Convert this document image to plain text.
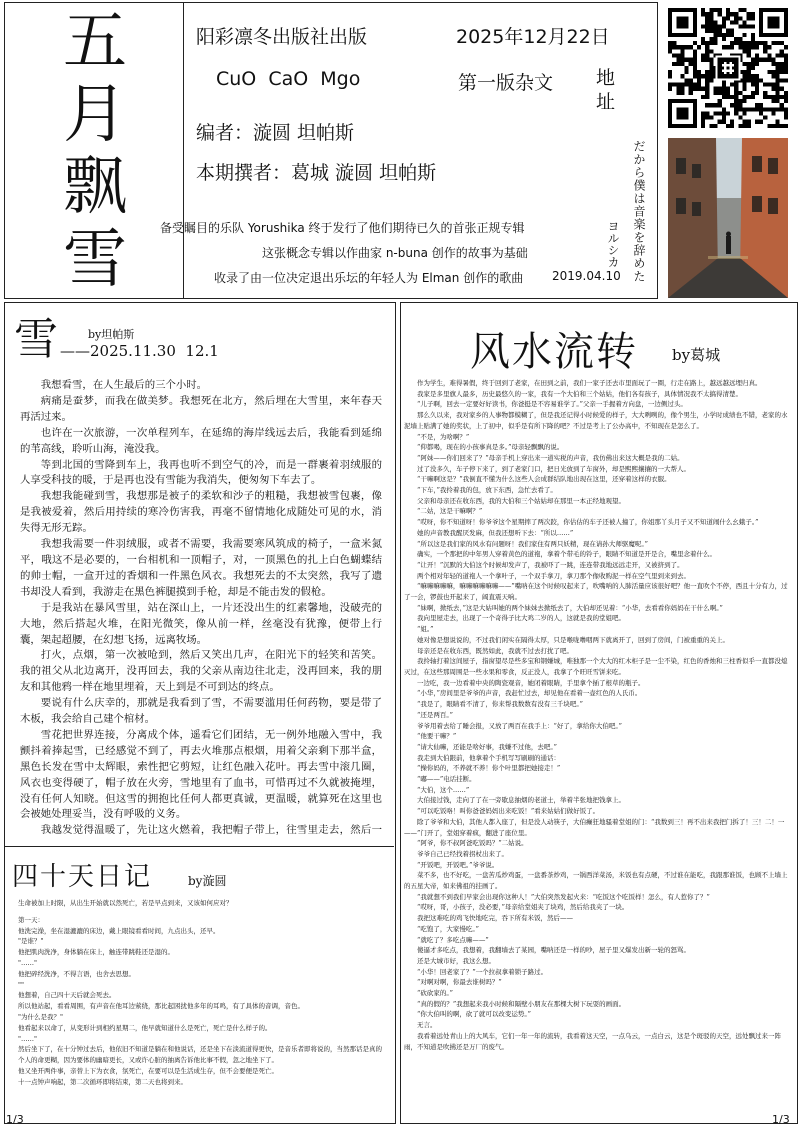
五
月
飘
雪
阳彩凛冬出版社出版	2025年12月22日
CuO  CaO  Mgo	第一版杂文 地址
编者：漩圆 坦帕斯
本期撰者：葛城 漩圆 坦帕斯
备受瞩目的乐队 Yorushika 终于发行了他们期待已久的首张正规专辑
这张概念专辑以作曲家 n-buna 创作的故事为基础
收录了由一位决定退出乐坛的年轻人为 Elman 创作的歌曲 2019.04.10 だから僕は音楽を辞めた
ヨルシカ
雪	by坦帕斯
——2025.11.30  12.1

我想看雪，在人生最后的三个小时。

病痛是蚕梦，而我在做美梦。我想死在北方，然后埋在大雪里，来年春天再活过来。

也许在一次旅游，一次单程列车，在延绵的海岸线远去后，我能看到延绵的苇高线，聆听山海，淹没我。

等到北国的雪降到车上，我再也听不到空气的冷，而是一群裹着羽绒服的人享受科技的暖，于是再也没有雪能为我消失，便匆匆下车去了。

我想我能碰到雪，我想那是被子的柔软和沙子的粗糙，我想被雪包裹，像是我被爱着，然后用持续的寒冷伤害我，再毫不留情地化成随处可见的水，消失得无形无踪。

我想我需要一件羽绒服，或者不需要，我需要寒风筑成的椅子，一盒米氮平，哦这不是必要的，一台相机和一顶帽子，对，一顶黑色的扎上白色蝴蝶结的帅士帽，一盒开过的香烟和一件黑色风衣。我想死去的不太突然，我写了遗书却没人看到，我游走在黑色裤腿摸到手枪，却是不能击发的假枪。

于是我站在暴风雪里，站在深山上，一片还没出生的红素馨地，没破壳的大地，然后搭起火堆，在阳光微笑，像从前一样，丝毫没有犹豫，便带上行囊，架起超腰，在幻想飞扬，远离牧场。

打火，点烟，第一次被呛到，然后又笑出几声，在阳光下的轻笑和苦笑。我的祖父从北边离开，没再回去，我的父亲从南边往北走，没再回来，我的朋友和其他鸦一样在地里埋着，天上到是不可到达的终点。

要说有什么庆幸的，那就是我看到了雪，不需要滥用任何药物，要是带了木板，我会给自己建个棺材。

雪花把世界连接，分离成个体，遥看它们团结，无一例外地融入雪中，我颤抖着捧起雪，已经感觉不到了，再去火堆那点根烟，用着父亲剩下那半盒，黑色长发在雪中太辉眼，索性把它剪短，让红色融入花叶。再去雪中滚几圈，风衣也变得硬了，帽子放在火旁，雪地里有了血书，可惜再过不久就被掩埋，没有任何人知晓。但这雪的拥抱比任何人都更真诚，更温暖，就算死在这里也会被她处理妥当，没有呼吸的义务。

我越发觉得温暖了，先让这火燃着，我把帽子带上，往雪里走去，然后一

四十天日记	by漩圆

生命被加上时限，从出生开始就以然死亡，若是早点到来，又该如何应对？

第一天：

他洗完澡，坐在湿漉漉的床边，戴上眼镜看看时间，九点出头，还早。

"是谁？"

他把肌肉洗净，身体躺在床上，触连带跳鞋还是湿的。

"……"

他把碎经洗净，不得言语，也舍去思想。

""

他想着，自己四十天后就会死去。

所以他站起，看看周围，有声音在他耳边萦绕，那比起困扰他多年的耳鸣，有了具体的音调，音色。

"为什么是我？"

他看起来以命了，从变形计到相约星期二，他早就知道什么是死亡，死亡是什么样子的。

"……"

然后坐下了，在十分钟过去后，他依旧不知道是躺在和他说话，还是坐下在淡流道得更快，是音乐者即将说的，当然那话是真的个人的命更糊，因为要体的幽暗更长，又或许心脏的抽离告诉他比事不假，忽之地坐下了。

他又坐开两件事，亲替上下为衣食，氛死亡，在要可以是生活成生存，但不会要便是死亡。

十一点钟声响起，第二次循环即将结束，第二天也将到来。

风水流转 by葛城

作为学生，难得暑假，终于回到了老家，在田到之前，我们一家子还去市里面玩了一圈，行走在路上，越远越远埋归真。

我家是多里旗人最多，历史最悠久的一家，我有一个大伯和三个姑姑，他们各有孩子，具体情况我不太搞得清楚。

“儿子啊，回去一定要好好读书，你爸挺是不容易谁学了。”父亲一手握着方向盘，一边侧过头。

那么久以来，我对家乡的人事物都模糊了，但是我还记得小时候爱的样子，大大咧咧的，像个男生，小学时成绩也不错，老家的水泥墙上贴满了她的奖状，上了初中，似乎是有所下降的吧？不过是考上了公办高中，不知现在是怎么了。

“不是，为啥啊？”

“仰都喝，现在的小孩事真是多。”母亲轻飘飘的说。

“阿妹——你们回来了？”母亲手机上穿出来一道实税的声音，我仿佛出来这大概是我的二姑。

过了没多久，车子停下来了，到了老家门口，把日光放到了车窗外，却是熙熙攘攘的一大帮人。

“干嘛啊这是？”我倒直不懂为什么这些人会成群结队地出现在这里，还穿着这样的衣服。

“下车，”我拎着我的包，放下东西，急忙去看了。

父亲和母亲还在收东西，我的大伯和三个姑姑却在那里一本正经地观望。

“二姑，这是干嘛啊？”

“哎呀，你不知道呀！你爷爷这个星期摔了两次跤，你估估的车子还被人撞了，你姐那丫头月子又不知道闹什么幺蛾子。”

她的声音教我醒厌发麻，但我还想听下去：“所以……”

“所以这是我们家的风水有问题呀！我们家住有两只妖精，现在请孙大师驱魔呢。”

确实，一个那把的中年男人穿着黄色的道袍，拿着个带毛的铃子，眼睛不知道是开是合，嘴里念着什么。

“让开！”沉默的大伯这个时候却发声了，我被吓了一跳，连连带我地远远走开，又被挤到了。

两个相对年轻的道袍人一个拿叶子，一个双手拿刀，拿刀那个像收购泥一样在空气里到来到去。

“嘛嘛嘛嘛嘛，嘛嘛嘛嘛嘛嘛——”嘴呐在这个时候叹起来了，吹嘴呐的人肺活量应该很好吧？他一直吹个不停，西且十分有力，过了一会，锣鼓也开起来了，阔直震天响。

“妹啊，掀纸去，”这是大姑叫她的两个妹妹去掀纸去了，大伯却还见着：“小华，去看看你妈妈在干什么啊。”

我向里屋走去，出现了一个奇得子比大鸡二岁的人，这就是我的堂姐吧。

“姐。”

她对像是想说说的，不过我们闲实在隔得太厚，只是喉咙噜咽两下就离开了，回到了房间，门被重重的关上。

母亲还是在收东西，既然如此，我就不过去打扰了吧。

我拎轴打着这间屋子，指窗望尽是些多宝和钢嫌城，唯独那一个大大的红木柜子是一尘不染，红色的香烛和三柱香似乎一直都没熄灭过，在这些那周围是一些水果和零食，反正没人，我拿了个旺旺雪饼来吃。

一边吃，我一边看着中央的陶瓷观音，她闭着眼睛，手里拿个插了根草的瓶子。

“小华，”房间里是爷爷的声音，我赶忙过去，却见他在看着一壶红色的人氏币。

“我是了，眼睛看不清了，你来帮我数数有没有三千块吧。”

“还是两百。”

爷爷用着去给了睡会报，又放了两百在我手上：“好了，拿给你大伯吧。”

“他要干嘛？”

“请大仙嘛，还能是啥好事，我嫌不过他，去吧。”

我走到大伯跟前，他拿着个手机写写刷刷的通话：

“操你妈的，不养就不养！你个叶里都把她接走！”

“嘟——”电话挂断。

“大伯，这个……”

大伯接过钱，走向了了在一旁歇息抽烟的老道士，举着半张地把钱拿上。

“可以吃饭咯！叫你爸爸妈妈出来吃饭！”看来姑姑们做好饭了。

除了爷爷和大伯，其他人都入座了，但是没人动筷子，大伯癫狂地骚着堂姐的门：“我数到三！再不出来我把门拆了！三！二！一——”门开了，堂姐穿着疯，翻进了座位里。

“阿爷，你不叔阿爸吃饭吗？”二姑说。

爷爷自己已经找着拐杖出来了。

“开饭吧，开饭吧。”爷爷说。

菜不多，也不好吃，一盘苦瓜炒鸡蛋，一盘番茶炒鸡，一锅西洋菜汤，米饭也有点硬，不过谁在能吃，我跟那谁饭，也顾不上墙上的五星大帝，如来佛祖的挂画了。

“我就想不到我们早家会出现你这种人！”大伯突然发起火来：“吃饭这个吃饭样！怎么，有人惹你了？”

“哎呀，哥，小孩子，没必要，”母亲给堂姐夹了块鸡，然后给我夹了一块。

我把这难吃的鸡飞快地吃完，吞下所有米饭，然后——

“吃饱了，大家慢吃。”

“就吃了？多吃点嘛——”

傻逼才多吃点，我想着，我翻墙去了某园，嘴呐还是一样的吵，屋子里又爆发出新一轮的怒骂。

还是大城市好，我这么想。

“小华！回老家了？”一个拉叔拿着锁子路过。

“对啊对啊，你最去谁树吗？”

“砍砍家的。”

“真的假的？”我想起来我小时候和隔壁小朋友在那棵大树下玩耍的画面。

“你大伯叫的啊，砍了就可以改变运势。”

无言。

我看着远处青山上的大风车，它们一年一年的流转，我看着这天空，一点乌云，一点白云，这是个斑驳的天空，远处飘过来一阵雨，不知道是吹拂还是万厂的废气。

1/3	1/3
